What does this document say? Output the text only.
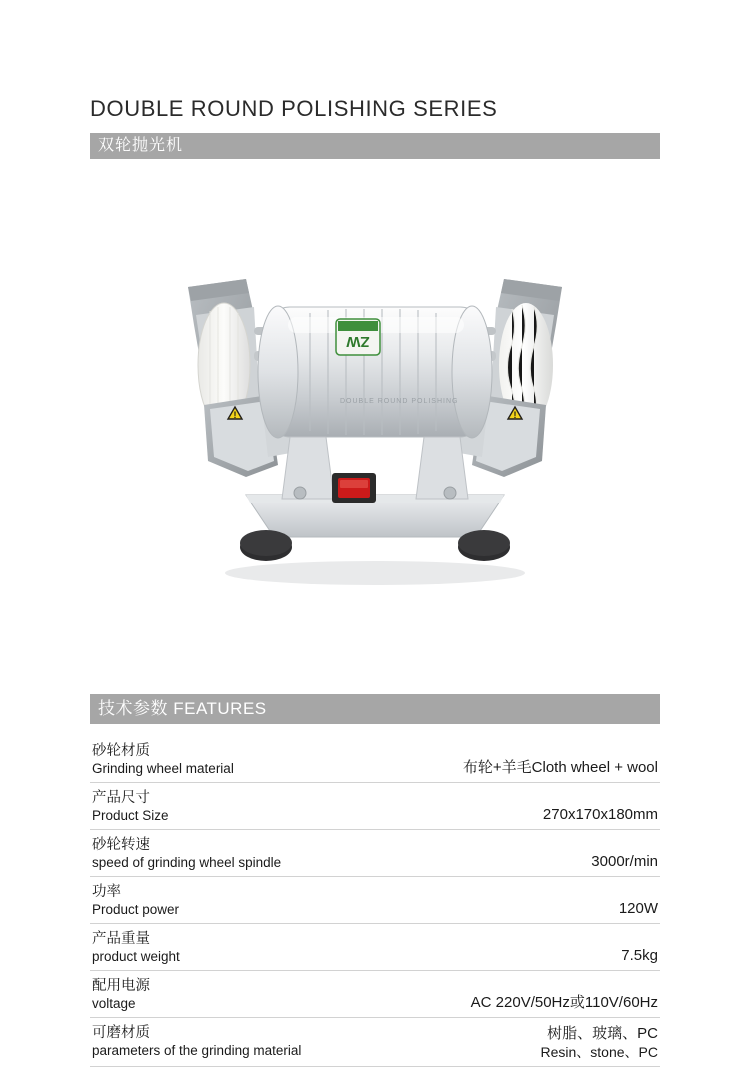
DOUBLE ROUND POLISHING SERIES
双轮抛光机
!	!
ZW
DOUBLE ROUND POLISHING
技术参数 FEATURES
砂轮材质
Grinding wheel material	布轮+羊毛Cloth wheel + wool

产品尺寸
Product Size	270x170x180mm

砂轮转速
speed of grinding wheel spindle	3000r/min

功率
Product power	120W

产品重量
product weight	7.5kg

配用电源
voltage	AC 220V/50Hz或110V/60Hz

可磨材质
parameters of the grinding material	树脂、玻璃、PC
Resin、stone、PC
